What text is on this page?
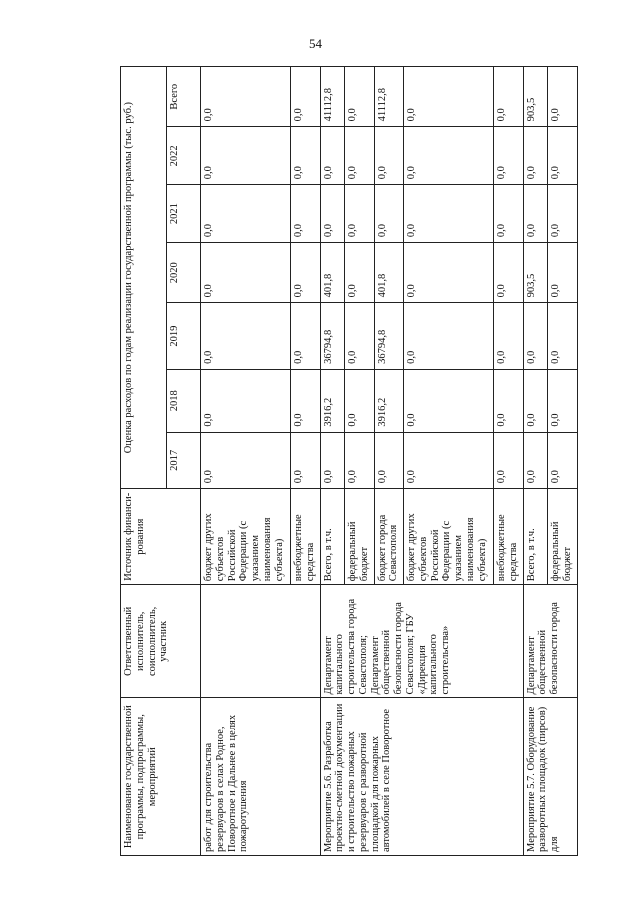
54
Наименование государственной программы, подпрограммы, мероприятий	Ответственный исполнитель, соисполнитель, участник	Источник финанси-рования	Оценка расходов по годам реализации государственной программы (тыс. руб.)						
			2017	2018	2019	2020	2021	2022	Всего
работ для строительства резервуаров в селах Родное, Поворотное и Дальнее в целях пожаротушения		бюджет других субъектов Российской Федерации (с указанием наименования субъекта)	0,0	0,0	0,0	0,0	0,0	0,0	0,0
		внебюджетные средства	0,0	0,0	0,0	0,0	0,0	0,0	0,0
Мероприятие 5.6. Разработка проектно-сметной документации и строительство пожарных резервуаров с разворотной площадкой для пожарных автомобилей в селе Поворотное	Департамент капитального строительства города Севастополя; Департамент общественной безопасности города Севастополя; ГБУ «Дирекция капитального строительства»	Всего, в т.ч.	0,0	3916,2	36794,8	401,8	0,0	0,0	41112,8
		федеральный бюджет	0,0	0,0	0,0	0,0	0,0	0,0	0,0
		бюджет города Севастополя	0,0	3916,2	36794,8	401,8	0,0	0,0	41112,8
		бюджет других субъектов Российской Федерации (с указанием наименования субъекта)	0,0	0,0	0,0	0,0	0,0	0,0	0,0
		внебюджетные средства	0,0	0,0	0,0	0,0	0,0	0,0	0,0
Мероприятие 5.7. Оборудование разворотных площадок (пирсов) для	Департамент общественной безопасности города	Всего, в т.ч.	0,0	0,0	0,0	903,5	0,0	0,0	903,5
		федеральный бюджет	0,0	0,0	0,0	0,0	0,0	0,0	0,0
